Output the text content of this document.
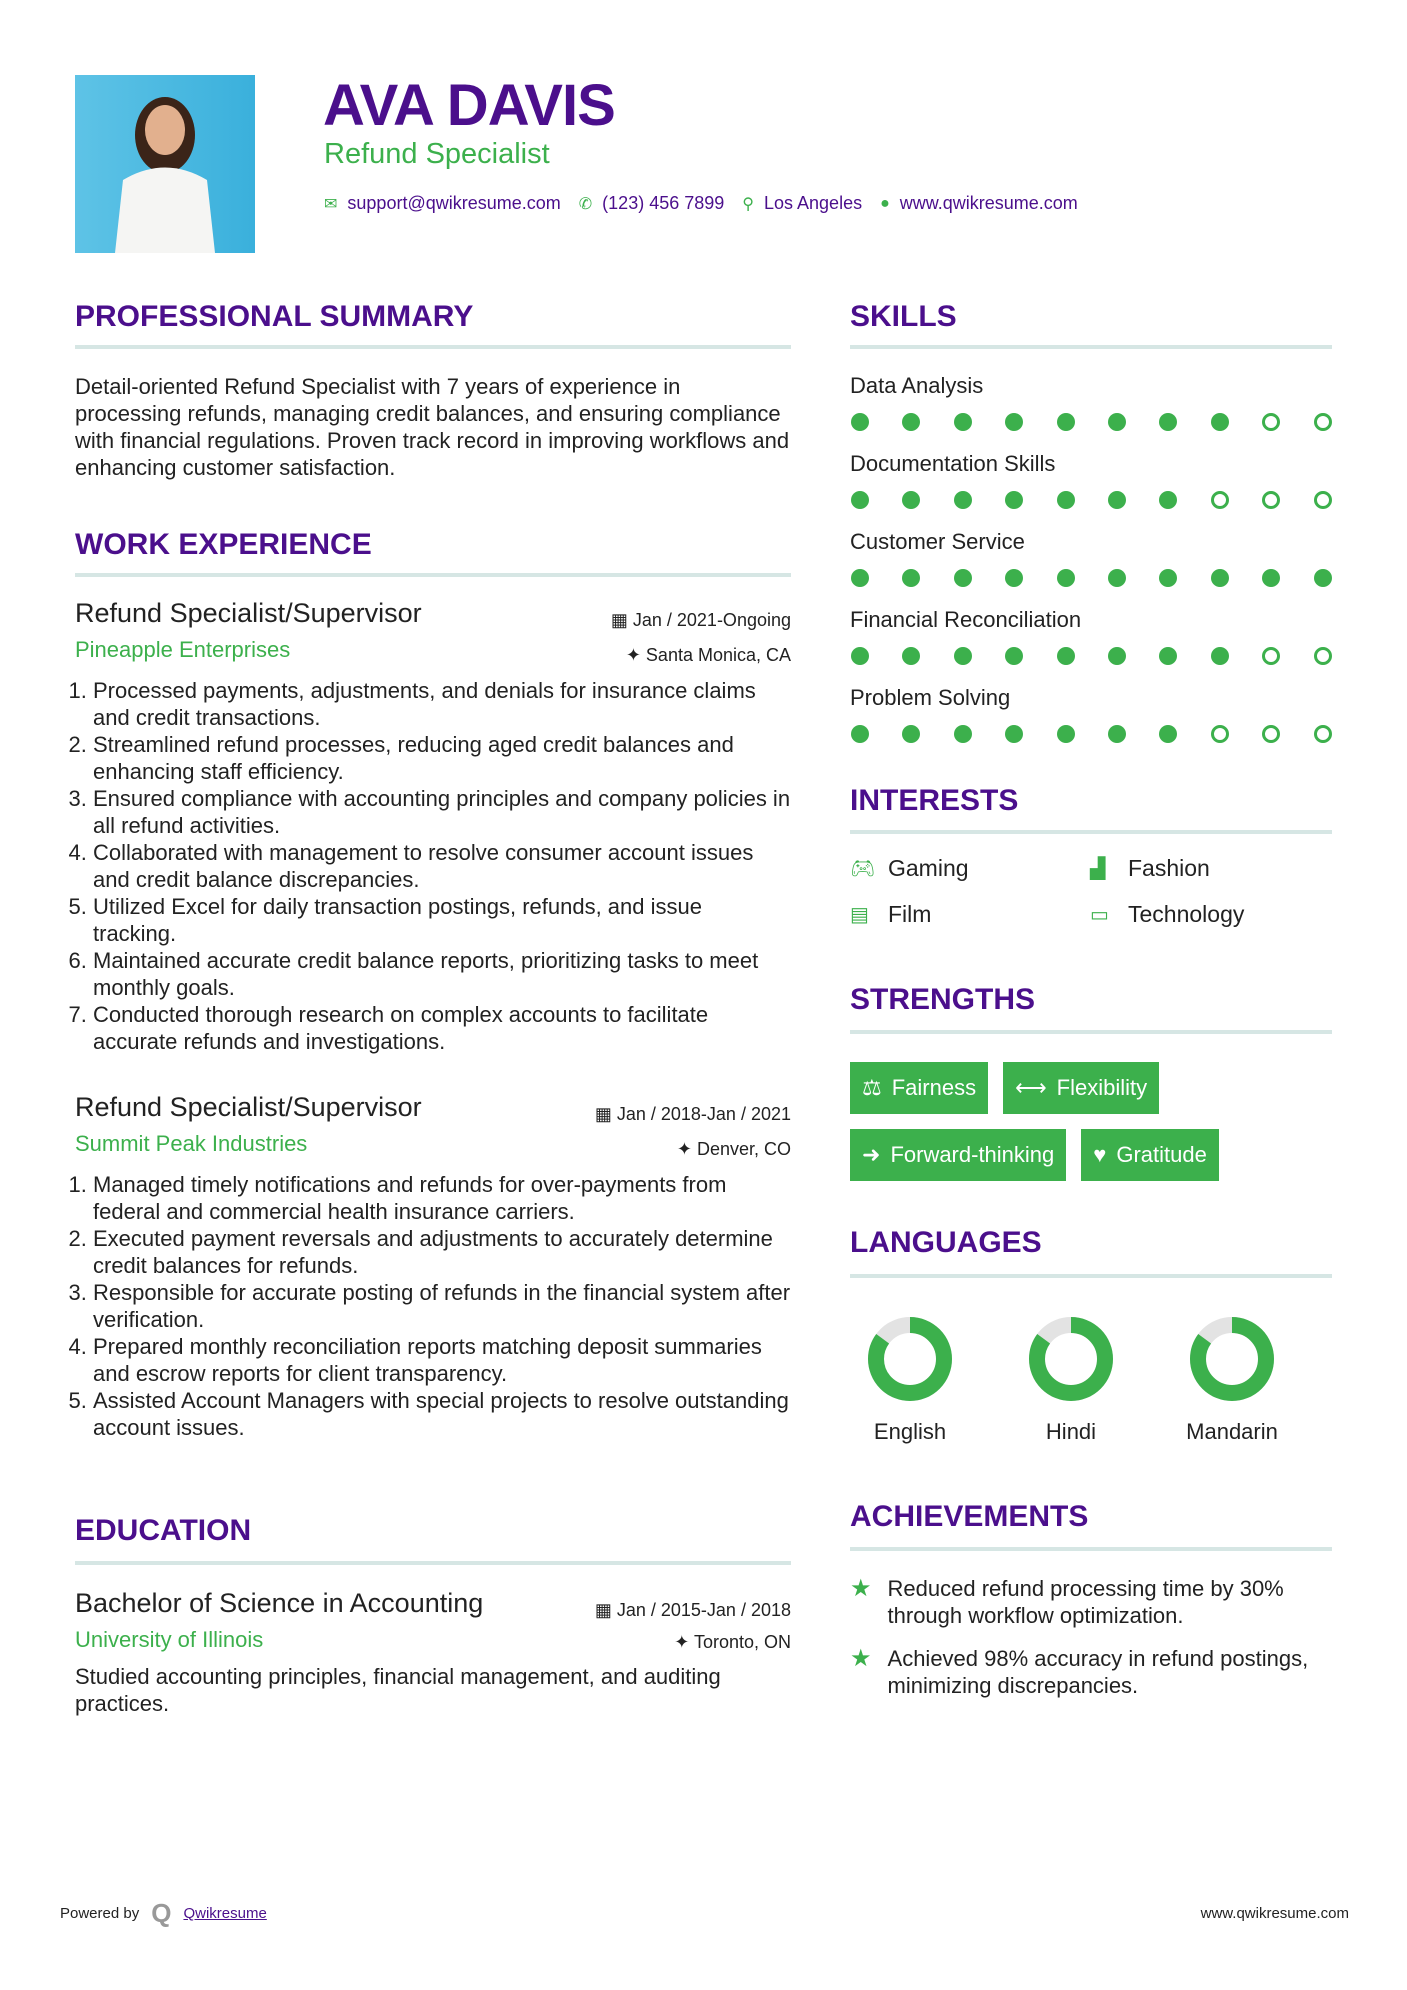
AVA DAVIS
Refund Specialist
✉ support@qwikresume.com ✆ (123) 456 7899 ⚲ Los Angeles ● www.qwikresume.com
PROFESSIONAL SUMMARY
Detail-oriented Refund Specialist with 7 years of experience in processing refunds, managing credit balances, and ensuring compliance with financial regulations. Proven track record in improving workflows and enhancing customer satisfaction.
WORK EXPERIENCE
Refund Specialist/Supervisor	▦ Jan / 2021-Ongoing
Pineapple Enterprises	✦ Santa Monica, CA
1. Processed payments, adjustments, and denials for insurance claims and credit transactions.
2. Streamlined refund processes, reducing aged credit balances and enhancing staff efficiency.
3. Ensured compliance with accounting principles and company policies in all refund activities.
4. Collaborated with management to resolve consumer account issues and credit balance discrepancies.
5. Utilized Excel for daily transaction postings, refunds, and issue tracking.
6. Maintained accurate credit balance reports, prioritizing tasks to meet monthly goals.
7. Conducted thorough research on complex accounts to facilitate accurate refunds and investigations.
Refund Specialist/Supervisor	▦ Jan / 2018-Jan / 2021
Summit Peak Industries	✦ Denver, CO
1. Managed timely notifications and refunds for over-payments from federal and commercial health insurance carriers.
2. Executed payment reversals and adjustments to accurately determine credit balances for refunds.
3. Responsible for accurate posting of refunds in the financial system after verification.
4. Prepared monthly reconciliation reports matching deposit summaries and escrow reports for client transparency.
5. Assisted Account Managers with special projects to resolve outstanding account issues.
EDUCATION
Bachelor of Science in Accounting	▦ Jan / 2015-Jan / 2018
University of Illinois	✦ Toronto, ON
Studied accounting principles, financial management, and auditing practices.
SKILLS
Data Analysis
Documentation Skills
Customer Service
Financial Reconciliation
Problem Solving
INTERESTS
🎮︎ Gaming	▟ Fashion
▤ Film	▭ Technology
STRENGTHS
⚖ Fairness ⟷ Flexibility
➜ Forward-thinking ♥ Gratitude
LANGUAGES
English	Hindi	Mandarin
ACHIEVEMENTS
★ Reduced refund processing time by 30% through workflow optimization.
★ Achieved 98% accuracy in refund postings, minimizing discrepancies.
Powered by Q Qwikresume	www.qwikresume.com
